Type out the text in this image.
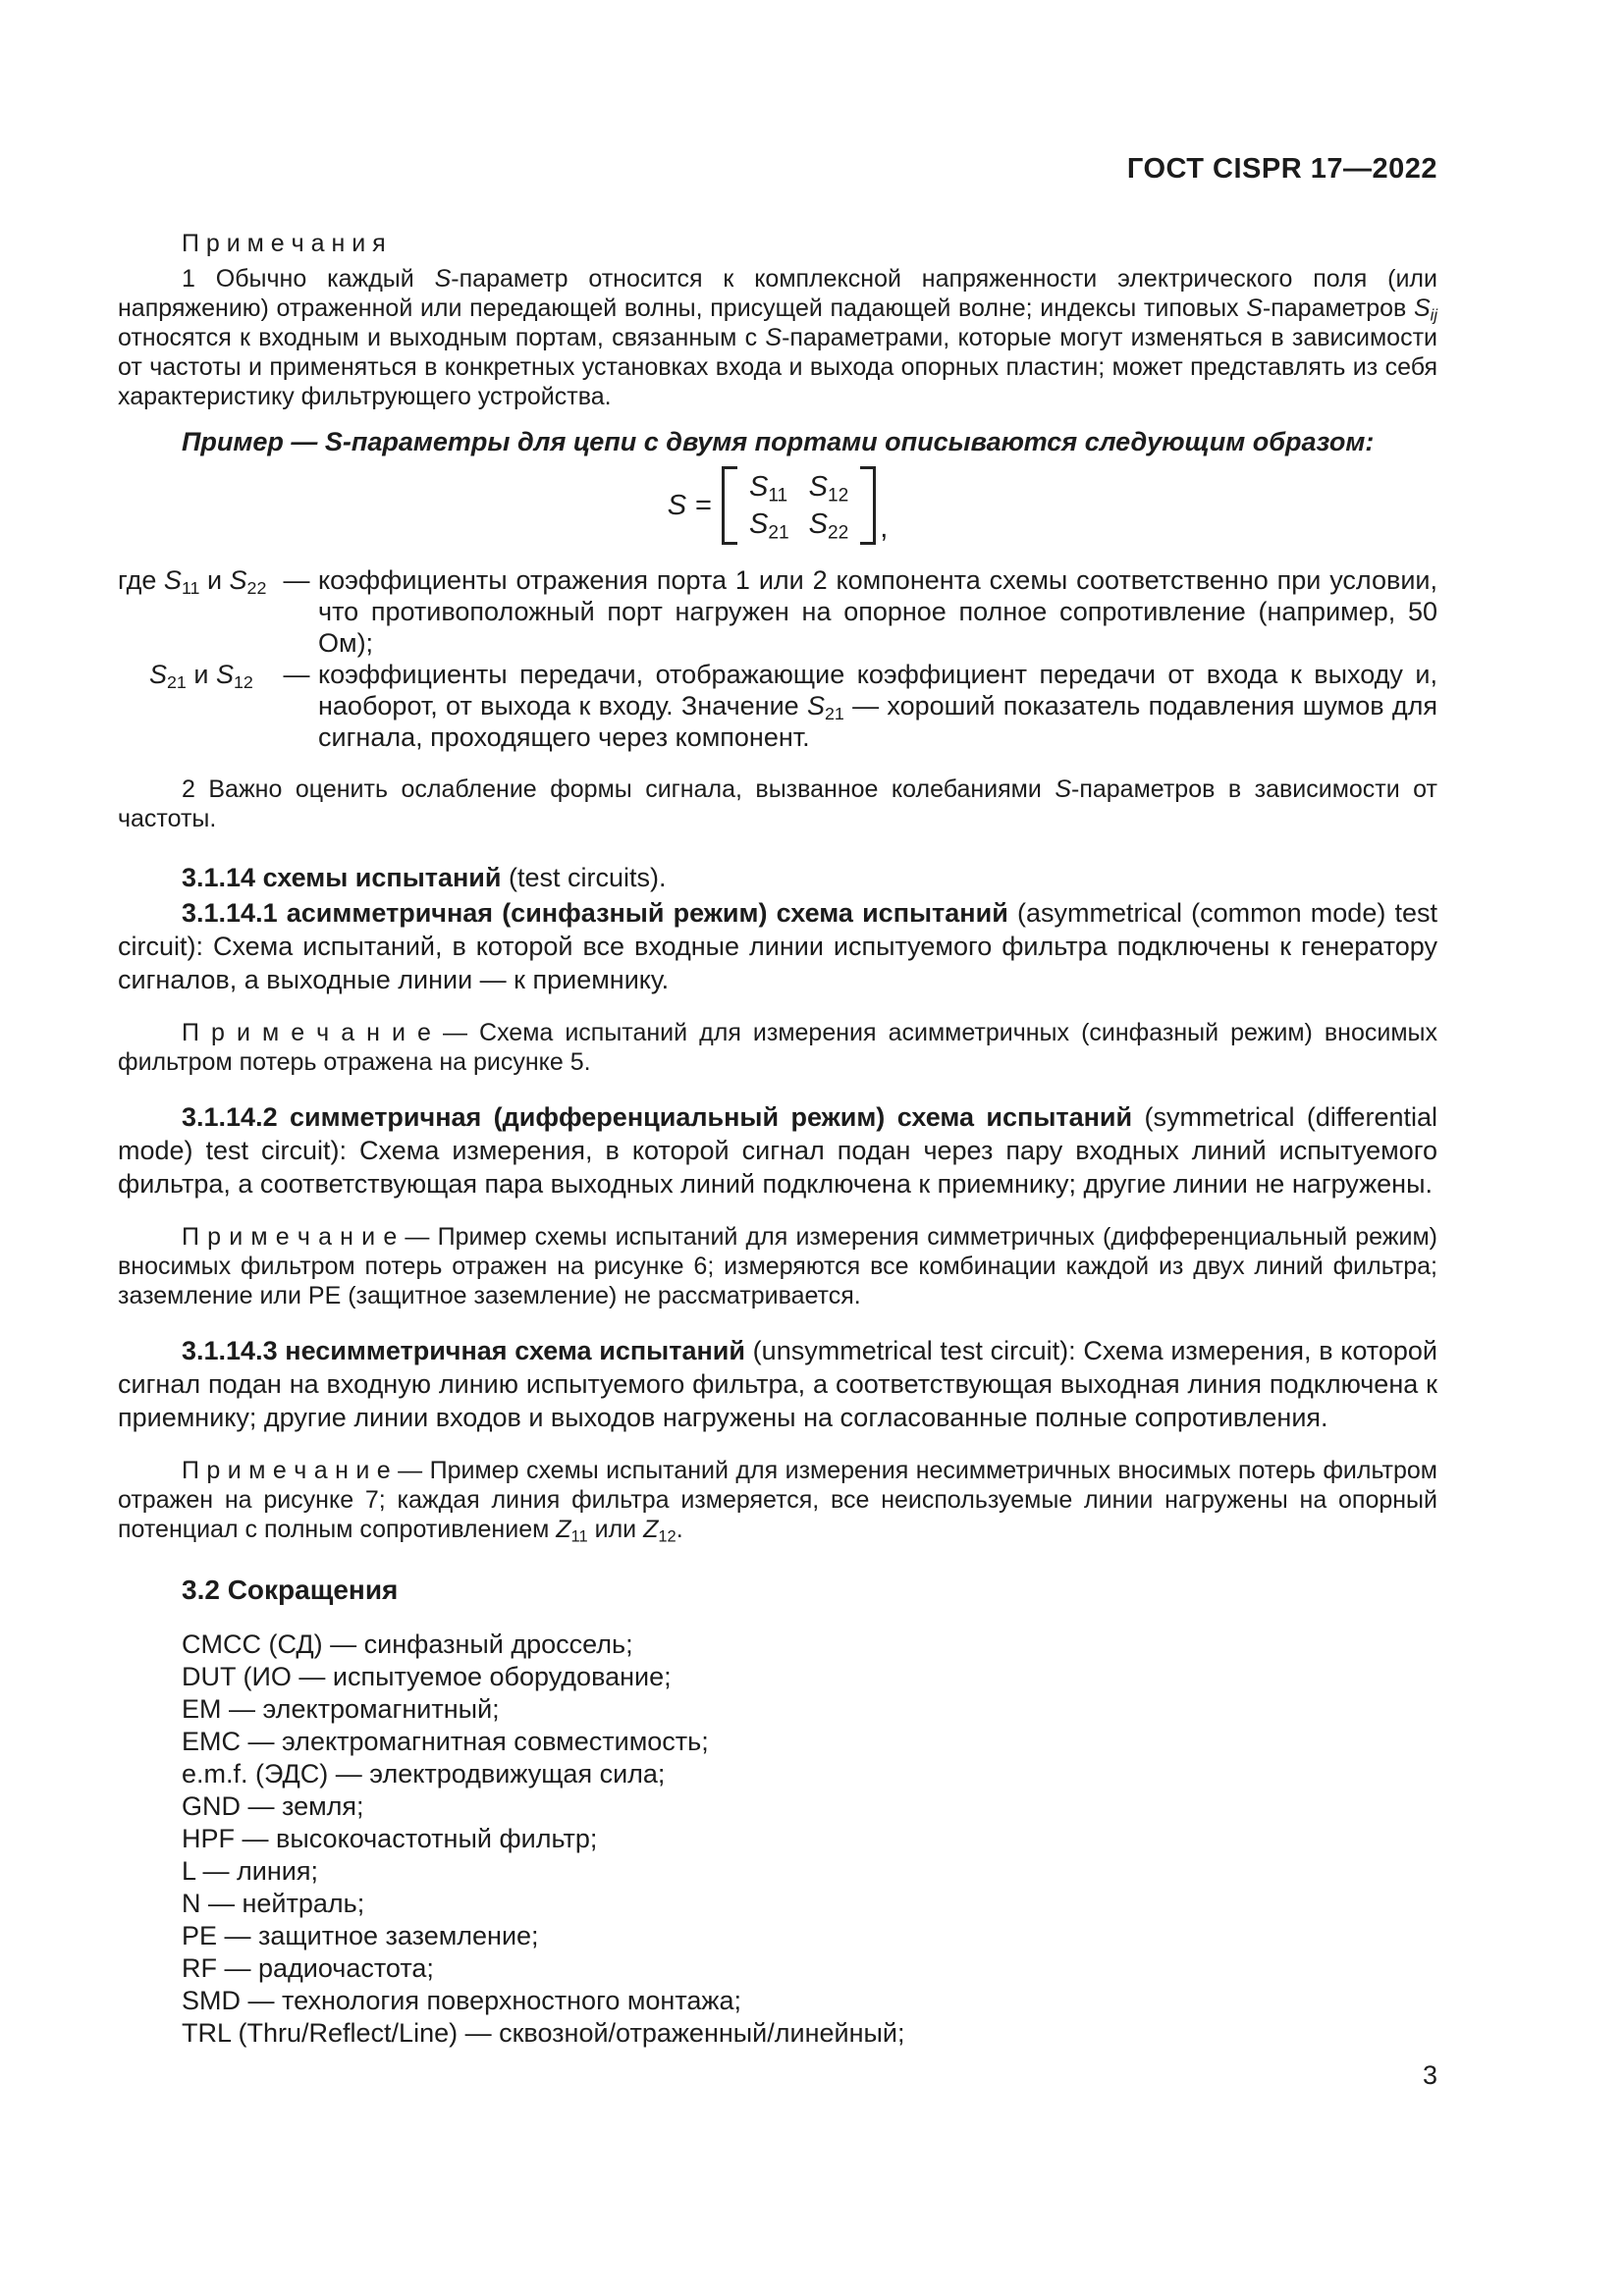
ГОСТ CISPR 17—2022
П р и м е ч а н и я

1 Обычно каждый S-параметр относится к комплексной напряженности электрического поля (или напряжению) отраженной или передающей волны, присущей падающей волне; индексы типовых S-параметров Sij относятся к входным и выходным портам, связанным с S-параметрами, которые могут изменяться в зависимости от частоты и применяться в конкретных установках входа и выхода опорных пластин; может представлять из себя характеристику фильтрующего устройства.

Пример — S-параметры для цепи с двумя портами описываются следующим образом:

S =
$S_{11}$ $S_{12}$
$S_{21}$ $S_{22}$ ,
где S11 и S22 — коэффициенты отражения порта 1 или 2 компонента схемы соответственно при условии, что противоположный порт нагружен на опорное полное сопротивление (например, 50 Ом);
S21 и S12	— коэффициенты передачи, отображающие коэффициент передачи от входа к выходу и, наоборот, от выхода к входу. Значение S21 — хороший показатель подавления шумов для сигнала, проходящего через компонент.

2 Важно оценить ослабление формы сигнала, вызванное колебаниями S-параметров в зависимости от частоты.

3.1.14 схемы испытаний (test circuits).

3.1.14.1 асимметричная (синфазный режим) схема испытаний (asymmetrical (common mode) test circuit): Схема испытаний, в которой все входные линии испытуемого фильтра подключены к генератору сигналов, а выходные линии — к приемнику.

П р и м е ч а н и е — Схема испытаний для измерения асимметричных (синфазный режим) вносимых фильтром потерь отражена на рисунке 5.

3.1.14.2 симметричная (дифференциальный режим) схема испытаний (symmetrical (differential mode) test circuit): Схема измерения, в которой сигнал подан через пару входных линий испытуемого фильтра, а соответствующая пара выходных линий подключена к приемнику; другие линии не нагружены.

П р и м е ч а н и е — Пример схемы испытаний для измерения симметричных (дифференциальный режим) вносимых фильтром потерь отражен на рисунке 6; измеряются все комбинации каждой из двух линий фильтра; заземление или PE (защитное заземление) не рассматривается.

3.1.14.3 несимметричная схема испытаний (unsymmetrical test circuit): Схема измерения, в которой сигнал подан на входную линию испытуемого фильтра, а соответствующая выходная линия подключена к приемнику; другие линии входов и выходов нагружены на согласованные полные сопротивления.

П р и м е ч а н и е — Пример схемы испытаний для измерения несимметричных вносимых потерь фильтром отражен на рисунке 7; каждая линия фильтра измеряется, все неиспользуемые линии нагружены на опорный потенциал с полным сопротивлением Z11 или Z12.

3.2 Сокращения
CMCC (СД) — синфазный дроссель;
DUT (ИО — испытуемое оборудование;
EM — электромагнитный;
EMC — электромагнитная совместимость;
e.m.f. (ЭДС) — электродвижущая сила;
GND — земля;
HPF — высокочастотный фильтр;
L — линия;
N — нейтраль;
PE — защитное заземление;
RF — радиочастота;
SMD — технология поверхностного монтажа;
TRL (Thru/Reflect/Line) — сквозной/отраженный/линейный;
3
